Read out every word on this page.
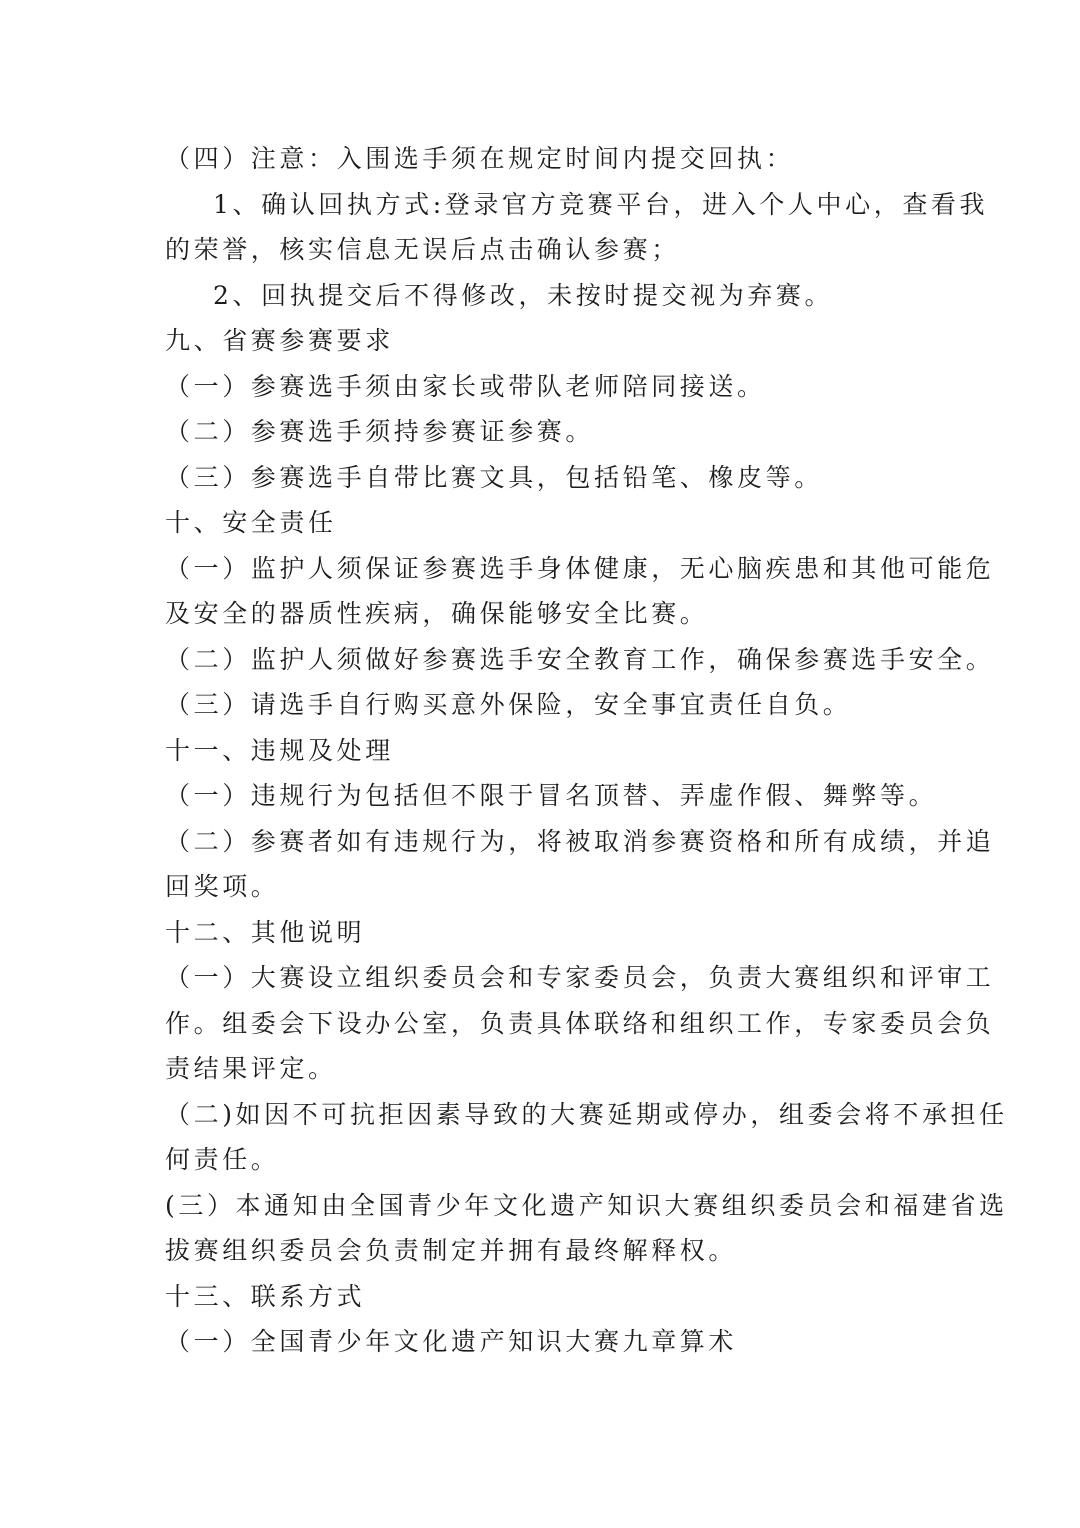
（四）注意：入围选手须在规定时间内提交回执：
1、确认回执方式:登录官方竞赛平台，进入个人中心，查看我
的荣誉，核实信息无误后点击确认参赛；
2、回执提交后不得修改，未按时提交视为弃赛。
九、省赛参赛要求
（一）参赛选手须由家长或带队老师陪同接送。
（二）参赛选手须持参赛证参赛。
（三）参赛选手自带比赛文具，包括铅笔、橡皮等。
十、安全责任
（一）监护人须保证参赛选手身体健康，无心脑疾患和其他可能危
及安全的器质性疾病，确保能够安全比赛。
（二）监护人须做好参赛选手安全教育工作，确保参赛选手安全。
（三）请选手自行购买意外保险，安全事宜责任自负。
十一、违规及处理
（一）违规行为包括但不限于冒名顶替、弄虚作假、舞弊等。
（二）参赛者如有违规行为，将被取消参赛资格和所有成绩，并追
回奖项。
十二、其他说明
（一）大赛设立组织委员会和专家委员会，负责大赛组织和评审工
作。组委会下设办公室，负责具体联络和组织工作，专家委员会负
责结果评定。
（二)如因不可抗拒因素导致的大赛延期或停办，组委会将不承担任
何责任。
(三）本通知由全国青少年文化遗产知识大赛组织委员会和福建省选
拔赛组织委员会负责制定并拥有最终解释权。
十三、联系方式
（一）全国青少年文化遗产知识大赛九章算术
